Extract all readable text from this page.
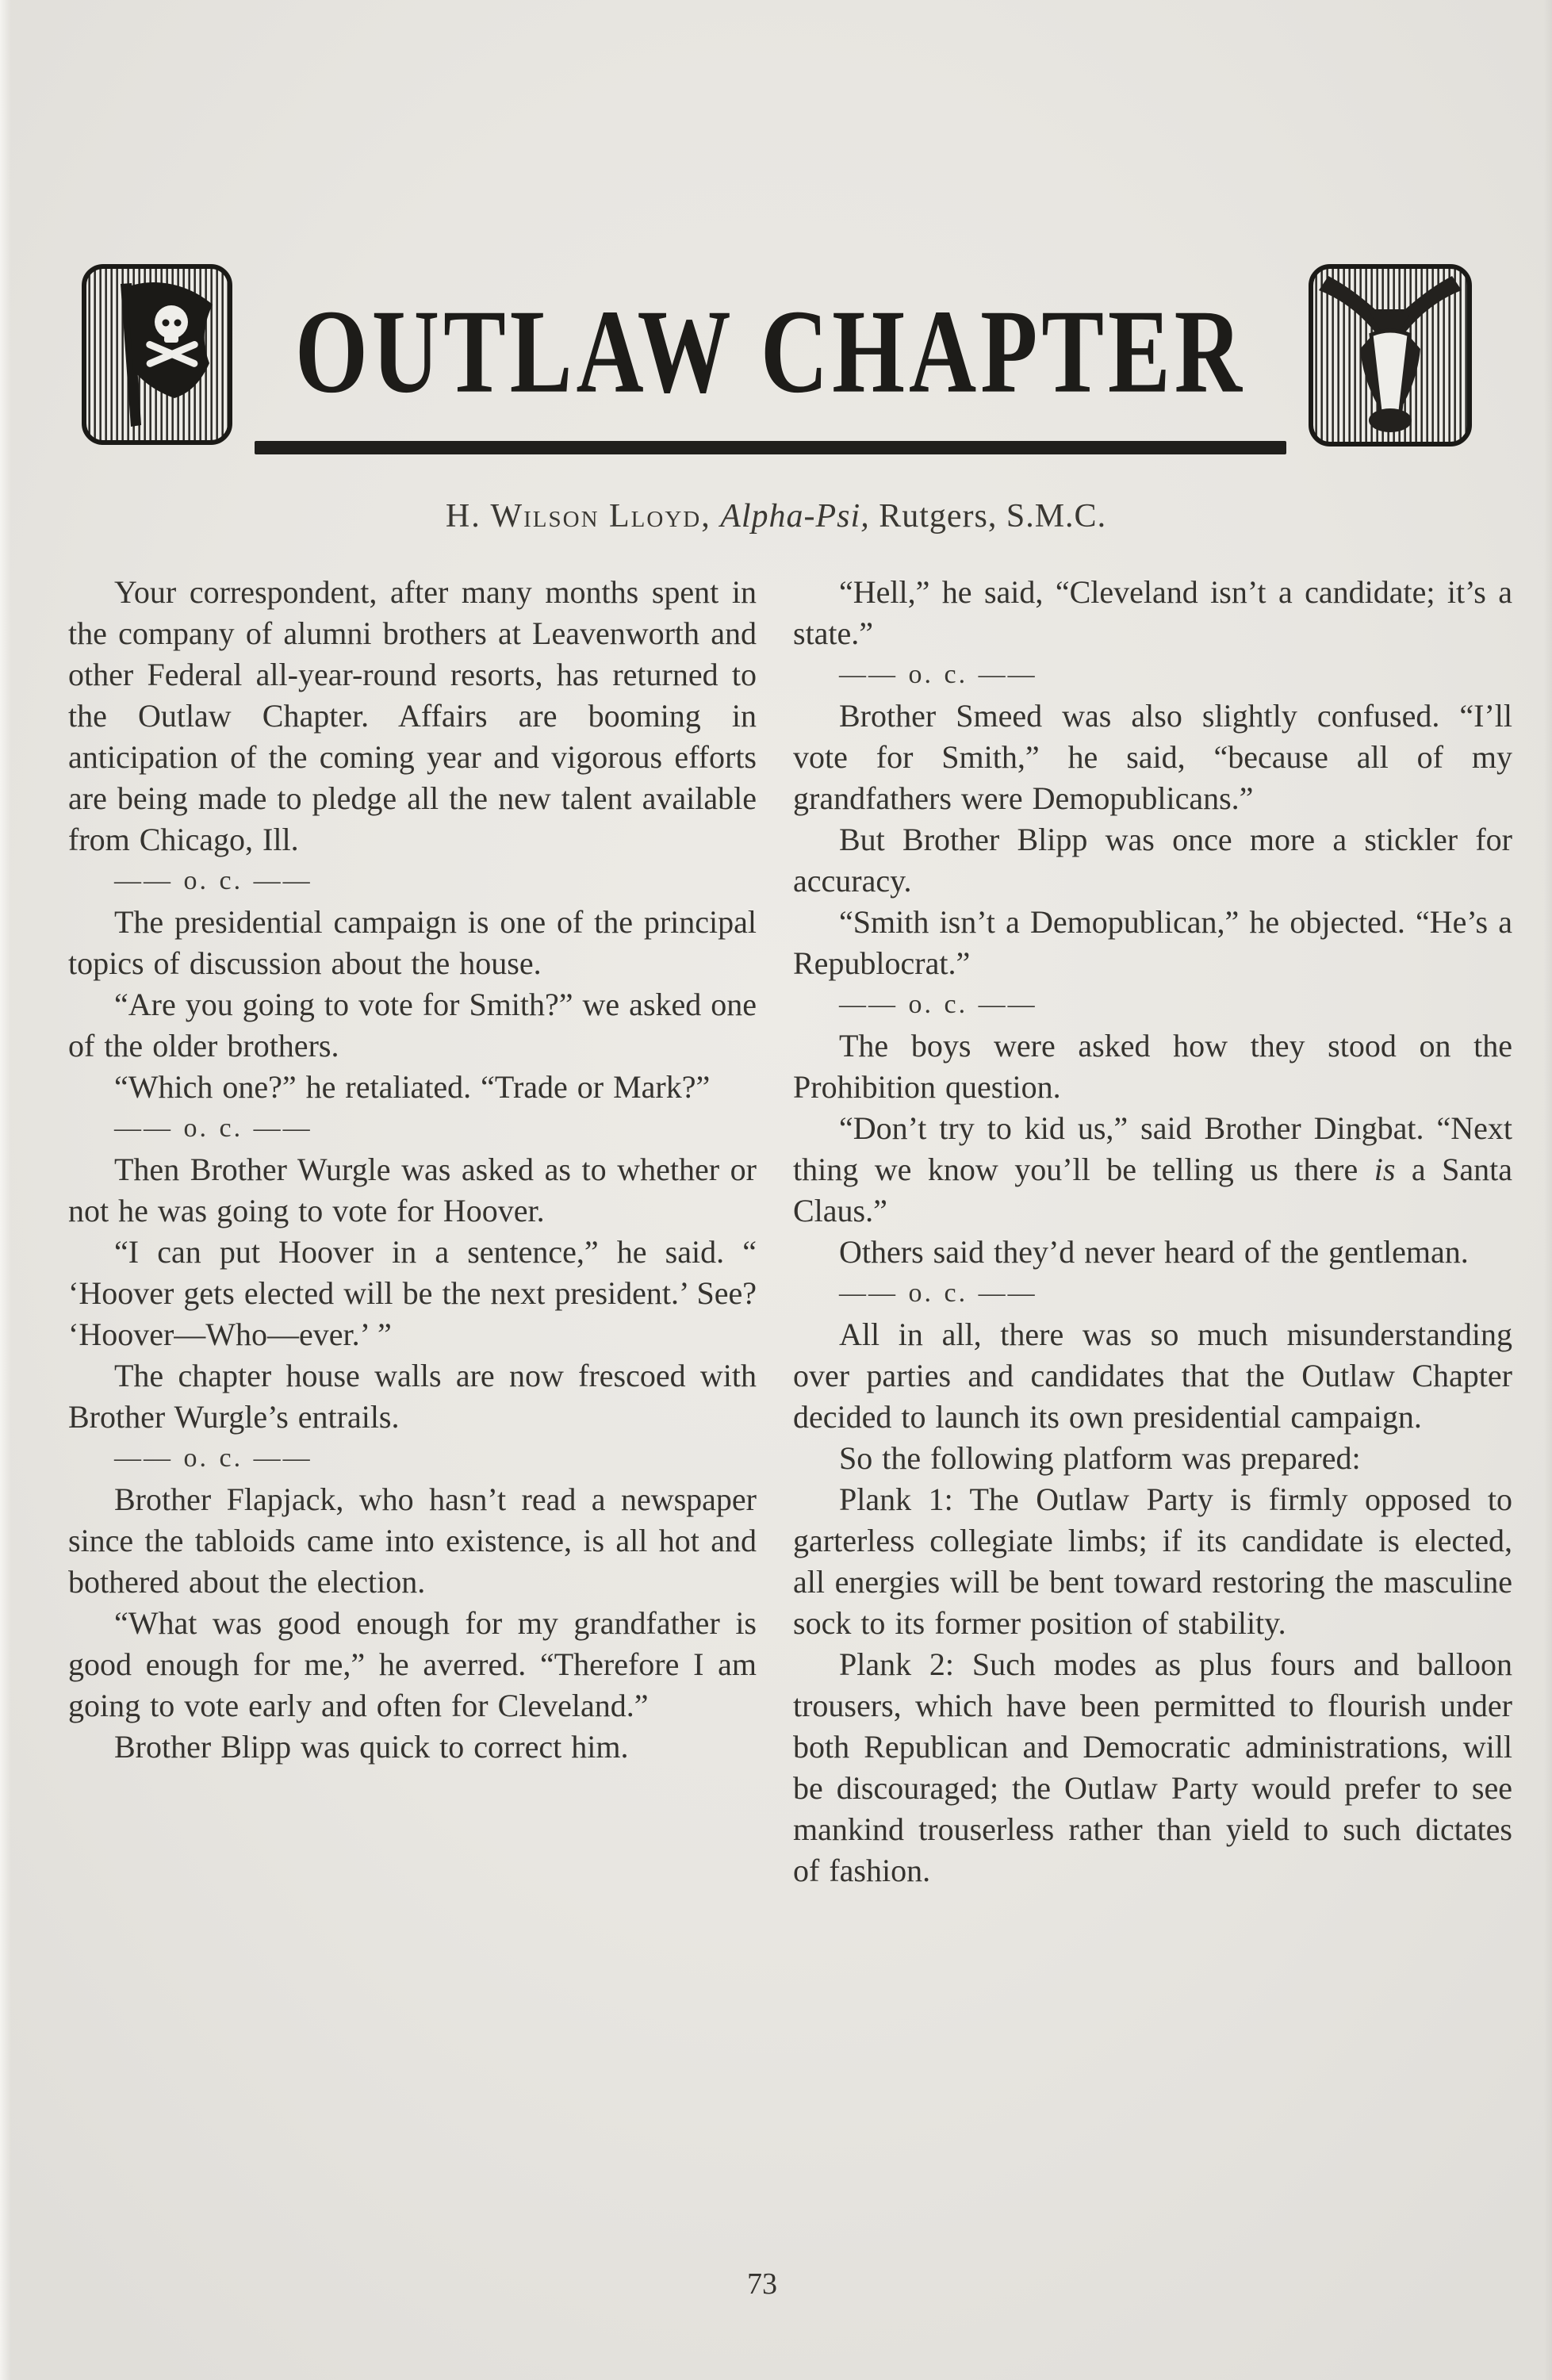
OUTLAW CHAPTER
H. Wilson Lloyd, Alpha-Psi, Rutgers, S.M.C.

Your correspondent, after many months spent in the company of alumni brothers at Leavenworth and other Federal all-year-round resorts, has returned to the Outlaw Chapter. Affairs are booming in anticipation of the coming year and vigorous efforts are being made to pledge all the new talent available from Chicago, Ill.

—— o. c. ——

The presidential campaign is one of the principal topics of discussion about the house.

“Are you going to vote for Smith?” we asked one of the older brothers.

“Which one?” he retaliated. “Trade or Mark?”

—— o. c. ——

Then Brother Wurgle was asked as to whether or not he was going to vote for Hoover.

“I can put Hoover in a sentence,” he said. “ ‘Hoover gets elected will be the next president.’ See? ‘Hoover—Who—ever.’ ”

The chapter house walls are now frescoed with Brother Wurgle’s entrails.

—— o. c. ——

Brother Flapjack, who hasn’t read a newspaper since the tabloids came into existence, is all hot and bothered about the election.

“What was good enough for my grandfather is good enough for me,” he averred. “Therefore I am going to vote early and often for Cleveland.”

Brother Blipp was quick to correct him.

“Hell,” he said, “Cleveland isn’t a candidate; it’s a state.”

—— o. c. ——

Brother Smeed was also slightly confused. “I’ll vote for Smith,” he said, “because all of my grandfathers were Demopublicans.”

But Brother Blipp was once more a stickler for accuracy.

“Smith isn’t a Demopublican,” he objected. “He’s a Republocrat.”

—— o. c. ——

The boys were asked how they stood on the Prohibition question.

“Don’t try to kid us,” said Brother Dingbat. “Next thing we know you’ll be telling us there is a Santa Claus.”

Others said they’d never heard of the gentleman.

—— o. c. ——

All in all, there was so much misunderstanding over parties and candidates that the Outlaw Chapter decided to launch its own presidential campaign.

So the following platform was prepared:

Plank 1: The Outlaw Party is firmly opposed to garterless collegiate limbs; if its candidate is elected, all energies will be bent toward restoring the masculine sock to its former position of stability.

Plank 2: Such modes as plus fours and balloon trousers, which have been permitted to flourish under both Republican and Democratic administrations, will be discouraged; the Outlaw Party would prefer to see mankind trouserless rather than yield to such dictates of fashion.

73
